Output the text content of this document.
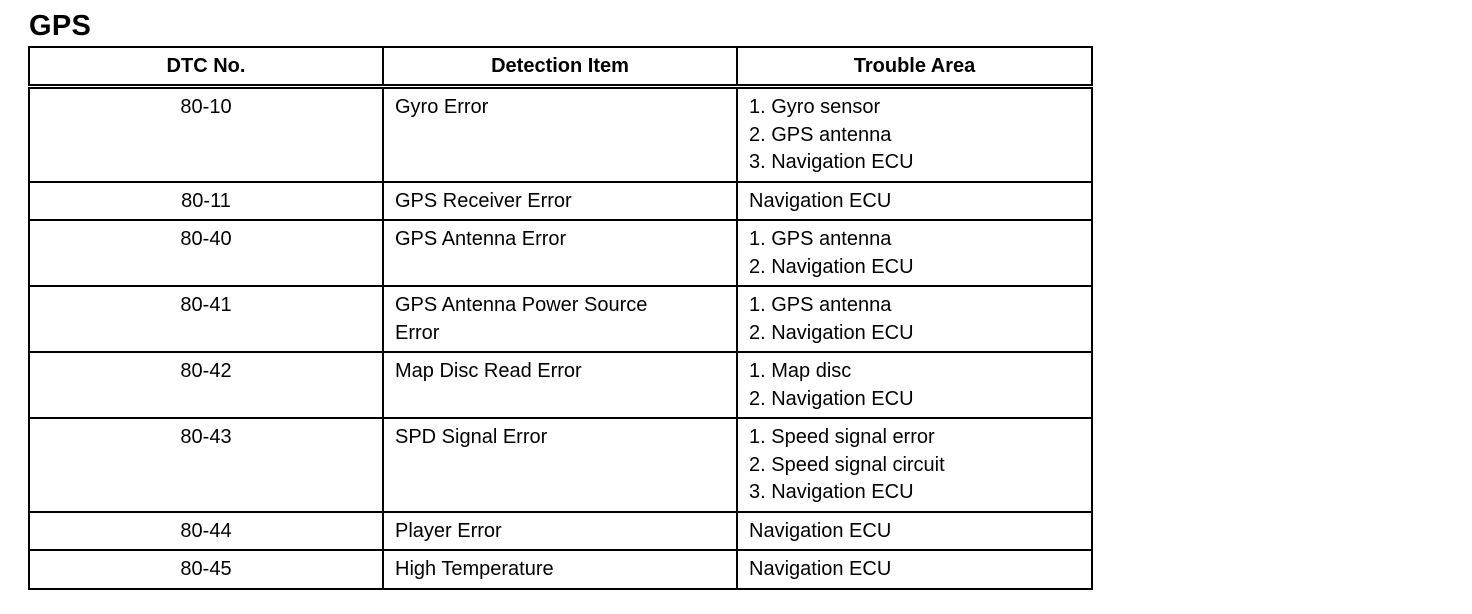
GPS
DTC No.	Detection Item	Trouble Area
80-10	Gyro Error	1. Gyro sensor
2. GPS antenna
3. Navigation ECU

80-11	GPS Receiver Error	Navigation ECU

80-40	GPS Antenna Error	1. GPS antenna
2. Navigation ECU

80-41	GPS Antenna Power Source
Error	1. GPS antenna
2. Navigation ECU

80-42	Map Disc Read Error	1. Map disc
2. Navigation ECU

80-43	SPD Signal Error	1. Speed signal error
2. Speed signal circuit
3. Navigation ECU

80-44	Player Error	Navigation ECU

80-45	High Temperature	Navigation ECU
